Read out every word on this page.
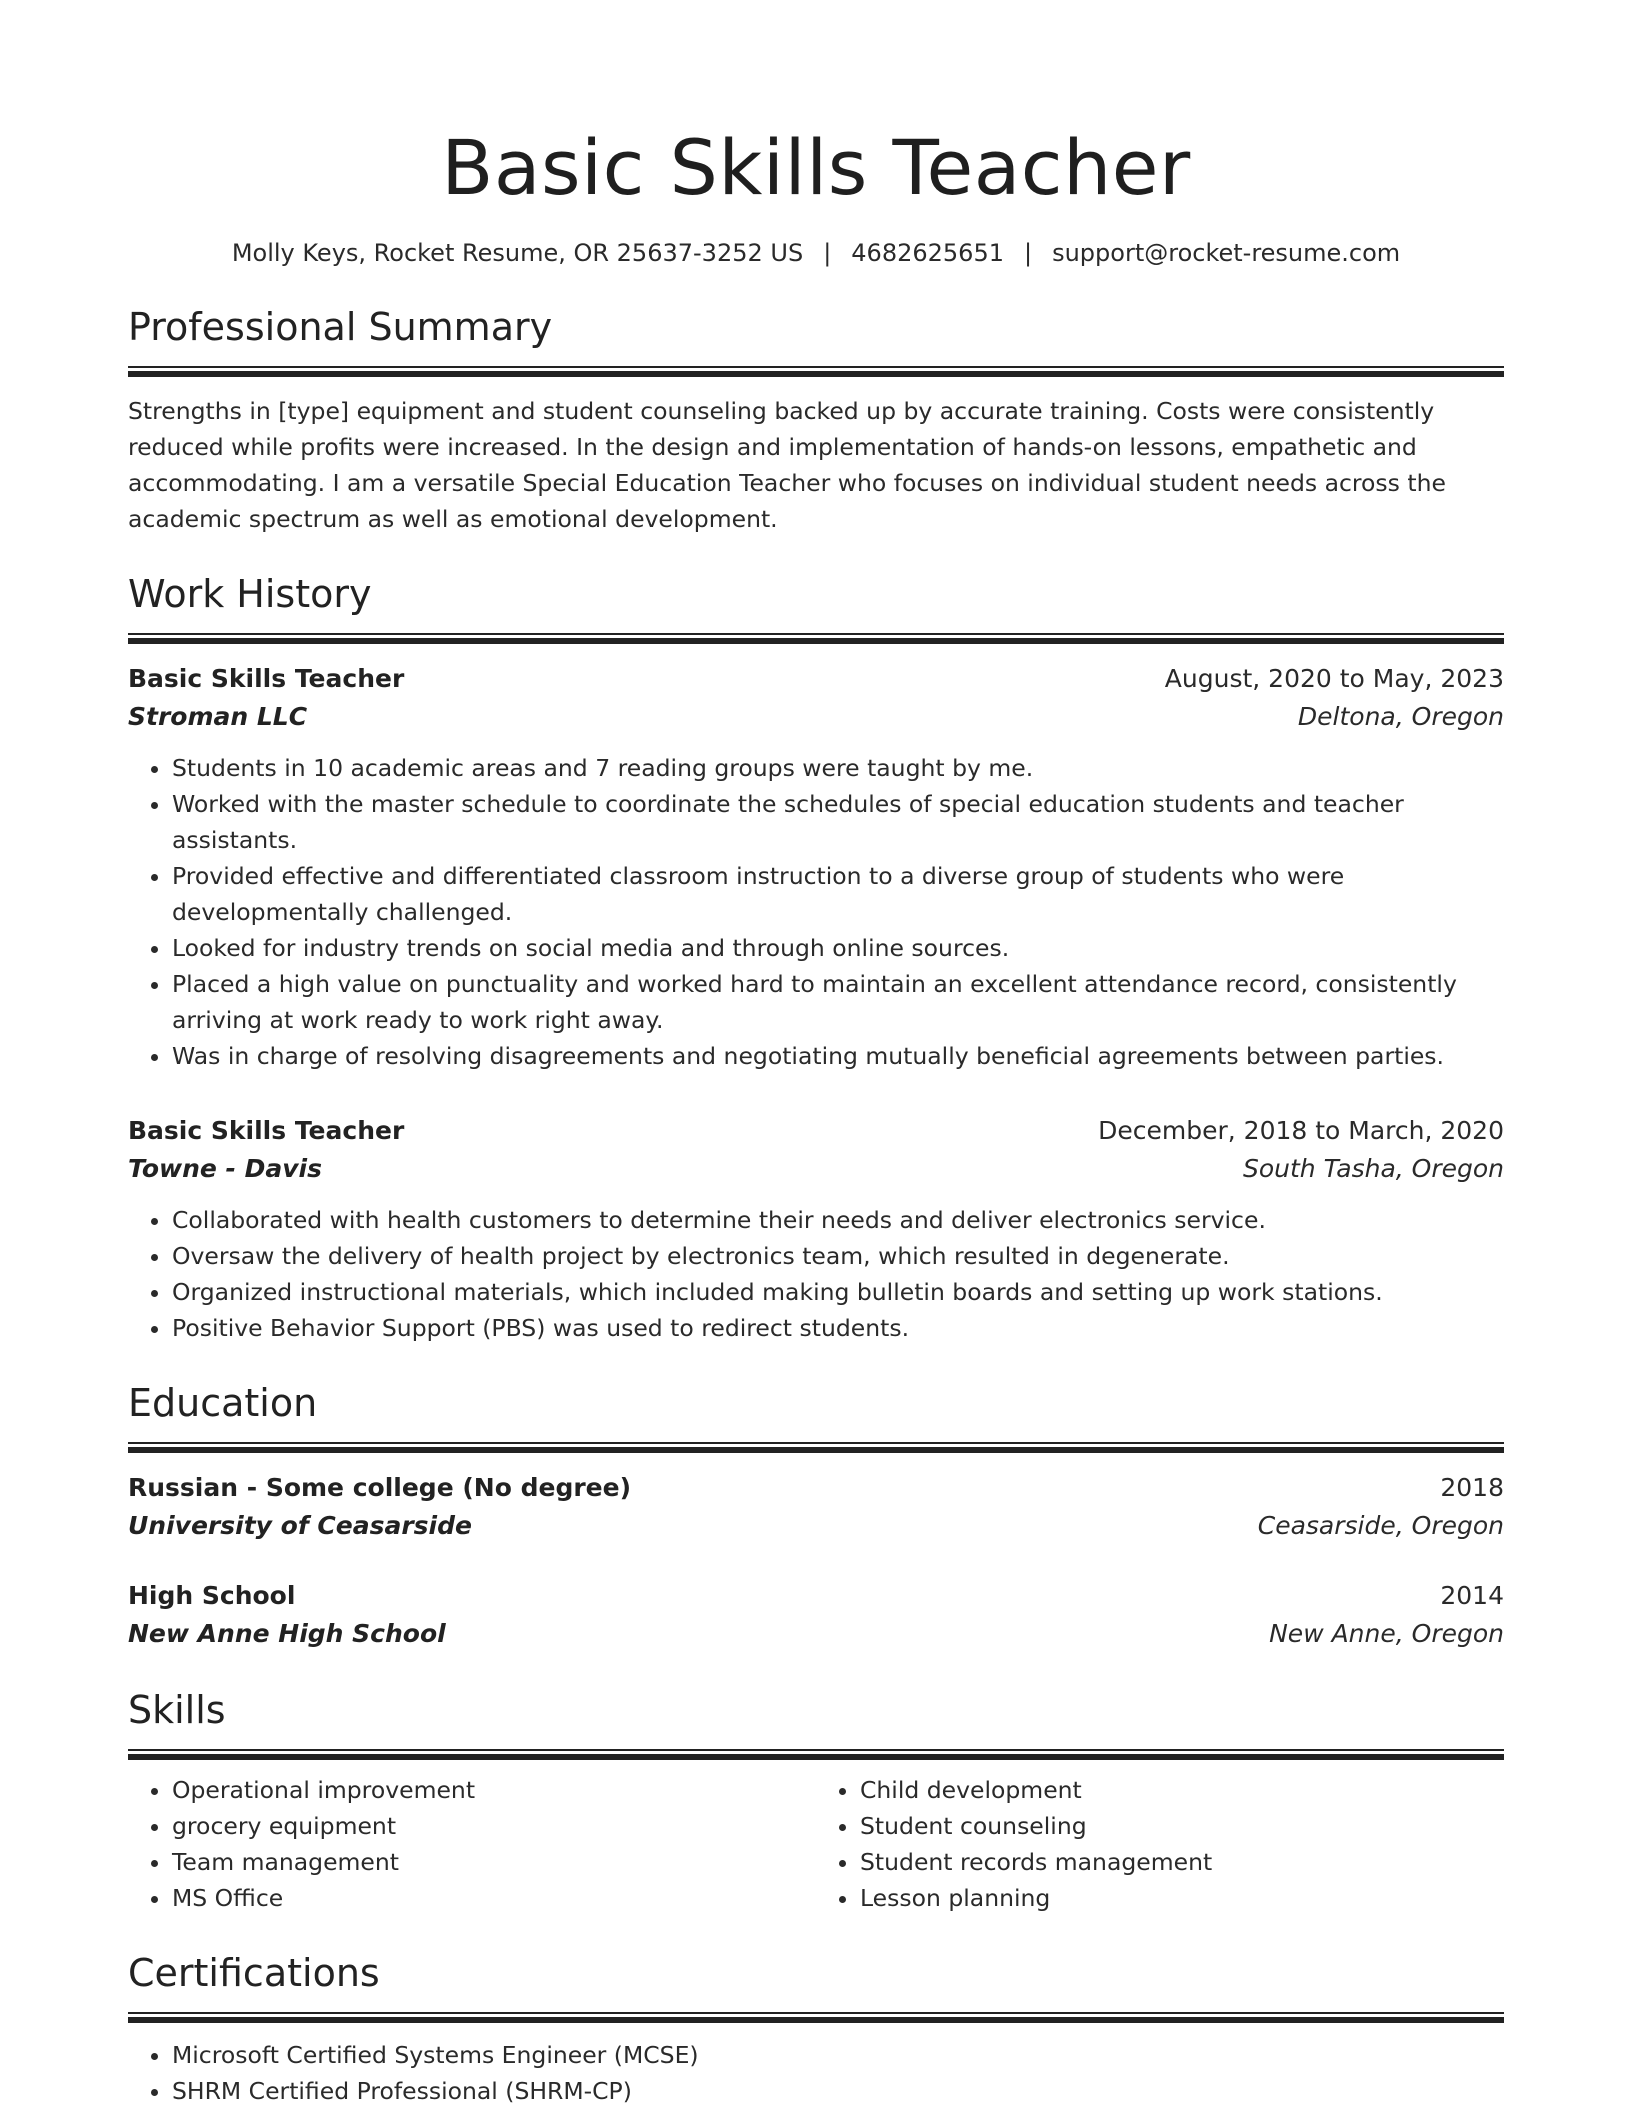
Basic Skills Teacher
Molly Keys, Rocket Resume, OR 25637-3252 US | 4682625651 | support@rocket-resume.com
Professional Summary
Strengths in [type] equipment and student counseling backed up by accurate training. Costs were consistently reduced while profits were increased. In the design and implementation of hands-on lessons, empathetic and accommodating. I am a versatile Special Education Teacher who focuses on individual student needs across the academic spectrum as well as emotional development.
Work History
Basic Skills Teacher	August, 2020 to May, 2023
Stroman LLC	Deltona, Oregon
• Students in 10 academic areas and 7 reading groups were taught by me.
• Worked with the master schedule to coordinate the schedules of special education students and teacher assistants.
• Provided effective and differentiated classroom instruction to a diverse group of students who were developmentally challenged.
• Looked for industry trends on social media and through online sources.
• Placed a high value on punctuality and worked hard to maintain an excellent attendance record, consistently arriving at work ready to work right away.
• Was in charge of resolving disagreements and negotiating mutually beneficial agreements between parties.
Basic Skills Teacher	December, 2018 to March, 2020
Towne - Davis	South Tasha, Oregon
• Collaborated with health customers to determine their needs and deliver electronics service.
• Oversaw the delivery of health project by electronics team, which resulted in degenerate.
• Organized instructional materials, which included making bulletin boards and setting up work stations.
• Positive Behavior Support (PBS) was used to redirect students.
Education
Russian - Some college (No degree)	2018
University of Ceasarside	Ceasarside, Oregon
High School	2014
New Anne High School	New Anne, Oregon
Skills
• Operational improvement
• grocery equipment
• Team management
• MS Office
• Child development
• Student counseling
• Student records management
• Lesson planning
Certifications
• Microsoft Certified Systems Engineer (MCSE)
• SHRM Certified Professional (SHRM-CP)
